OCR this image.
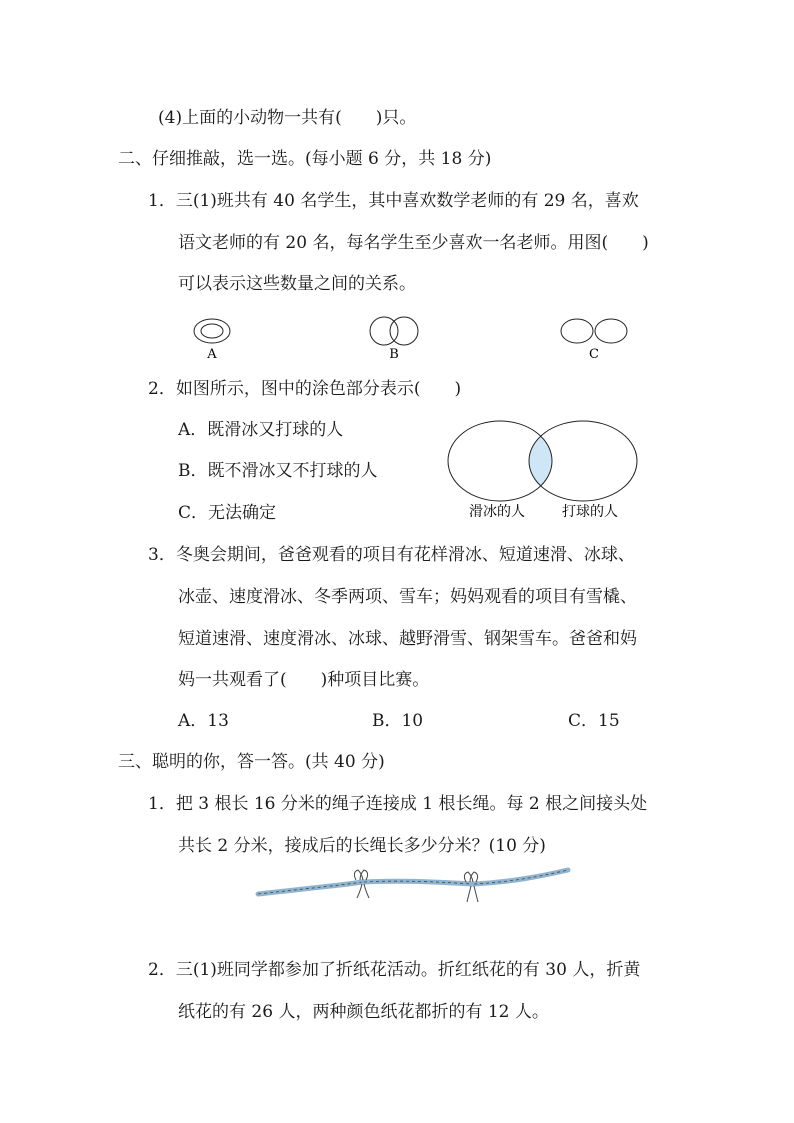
(4)上面的小动物一共有(　　)只。
二、仔细推敲，选一选。(每小题 6 分，共 18 分)
1．三(1)班共有 40 名学生，其中喜欢数学老师的有 29 名，喜欢
语文老师的有 20 名，每名学生至少喜欢一名老师。用图(　　)
可以表示这些数量之间的关系。
A	B	C
2．如图所示，图中的涂色部分表示(　　)
A．既滑冰又打球的人
B．既不滑冰又不打球的人
C．无法确定	滑冰的人	打球的人
3．冬奥会期间，爸爸观看的项目有花样滑冰、短道速滑、冰球、
冰壶、速度滑冰、冬季两项、雪车；妈妈观看的项目有雪橇、
短道速滑、速度滑冰、冰球、越野滑雪、钢架雪车。爸爸和妈
妈一共观看了(　　)种项目比赛。
A．13	B．10	C．15
三、聪明的你，答一答。(共 40 分)
1．把 3 根长 16 分米的绳子连接成 1 根长绳。每 2 根之间接头处
共长 2 分米，接成后的长绳长多少分米？(10 分)
2．三(1)班同学都参加了折纸花活动。折红纸花的有 30 人，折黄
纸花的有 26 人，两种颜色纸花都折的有 12 人。
